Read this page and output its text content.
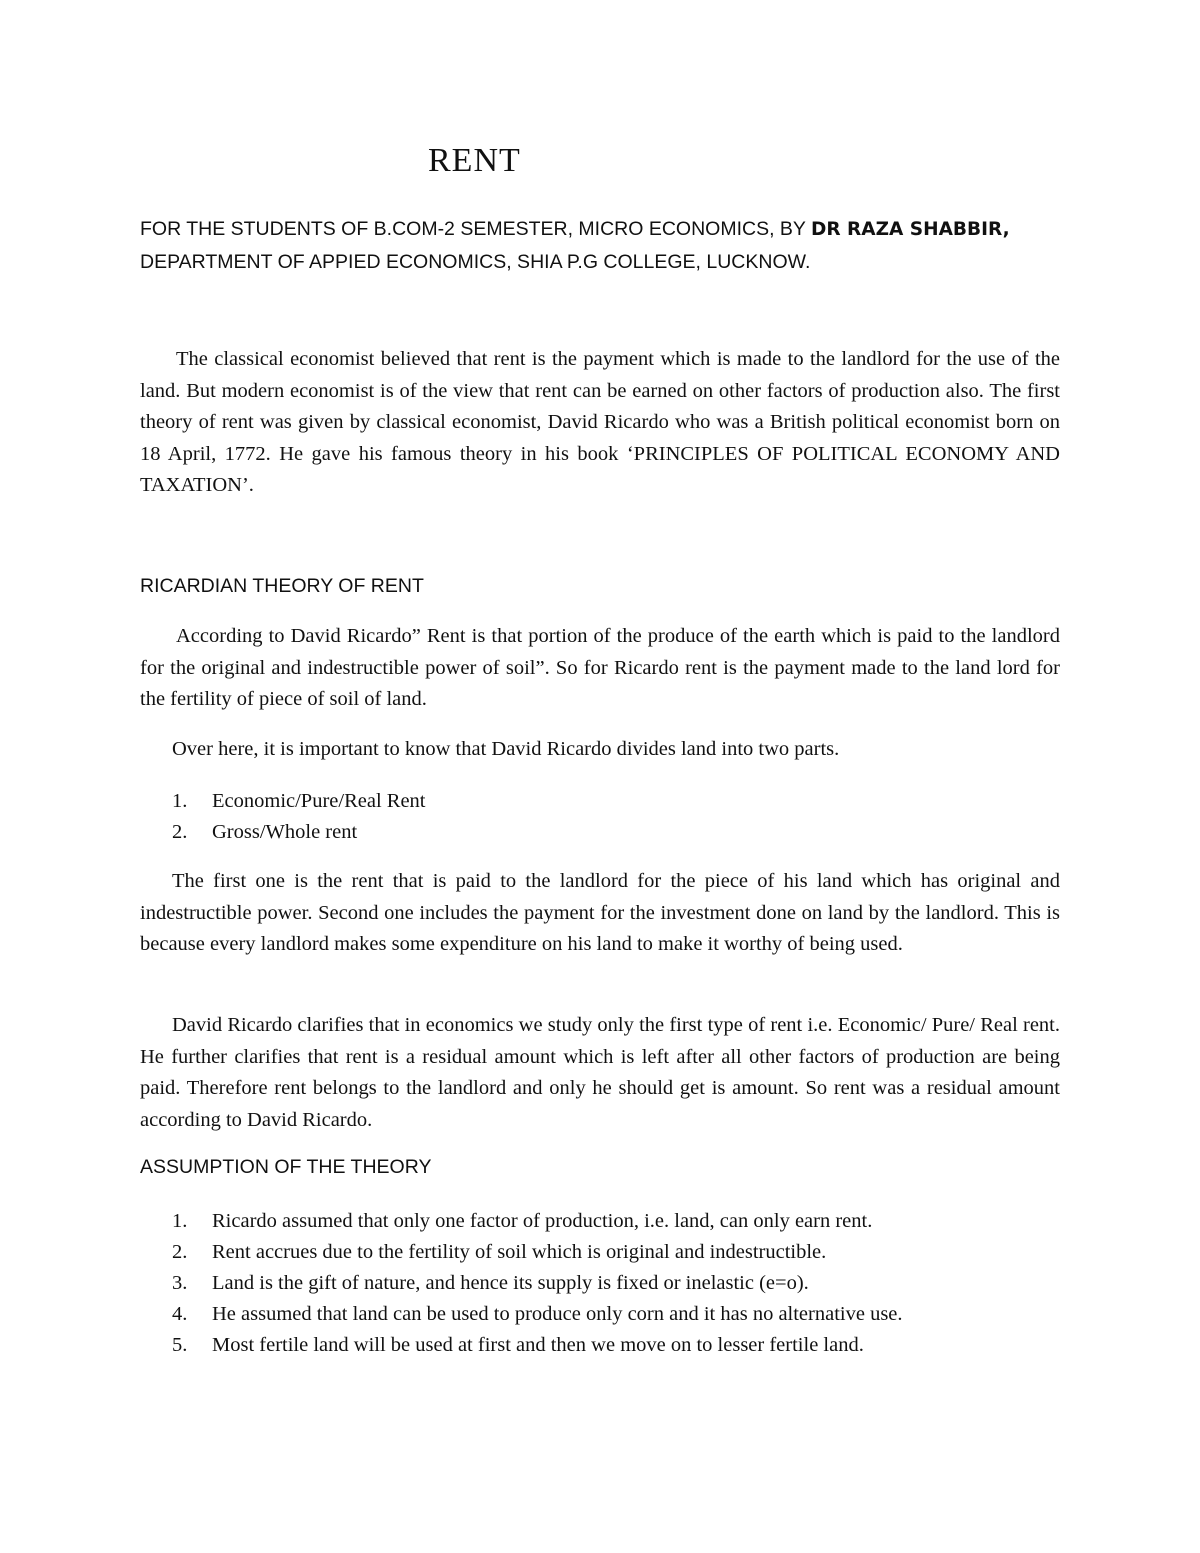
RENT

FOR THE STUDENTS OF B.COM-2 SEMESTER, MICRO ECONOMICS, BY DR RAZA SHABBIR, DEPARTMENT OF APPIED ECONOMICS, SHIA P.G COLLEGE, LUCKNOW.

The classical economist believed that rent is the payment which is made to the landlord for the use of the land. But modern economist is of the view that rent can be earned on other factors of production also. The first theory of rent was given by classical economist, David Ricardo who was a British political economist born on 18 April, 1772. He gave his famous theory in his book ‘PRINCIPLES OF POLITICAL ECONOMY AND TAXATION’.

RICARDIAN THEORY OF RENT

According to David Ricardo” Rent is that portion of the produce of the earth which is paid to the landlord for the original and indestructible power of soil”. So for Ricardo rent is the payment made to the land lord for the fertility of piece of soil of land.

Over here, it is important to know that David Ricardo divides land into two parts.

1. Economic/Pure/Real Rent
2. Gross/Whole rent

The first one is the rent that is paid to the landlord for the piece of his land which has original and indestructible power. Second one includes the payment for the investment done on land by the landlord. This is because every landlord makes some expenditure on his land to make it worthy of being used.

David Ricardo clarifies that in economics we study only the first type of rent i.e. Economic/ Pure/ Real rent. He further clarifies that rent is a residual amount which is left after all other factors of production are being paid. Therefore rent belongs to the landlord and only he should get is amount. So rent was a residual amount according to David Ricardo.

ASSUMPTION OF THE THEORY
1. Ricardo assumed that only one factor of production, i.e. land, can only earn rent.
2. Rent accrues due to the fertility of soil which is original and indestructible.
3. Land is the gift of nature, and hence its supply is fixed or inelastic (e=o).
4. He assumed that land can be used to produce only corn and it has no alternative use.
5. Most fertile land will be used at first and then we move on to lesser fertile land.
